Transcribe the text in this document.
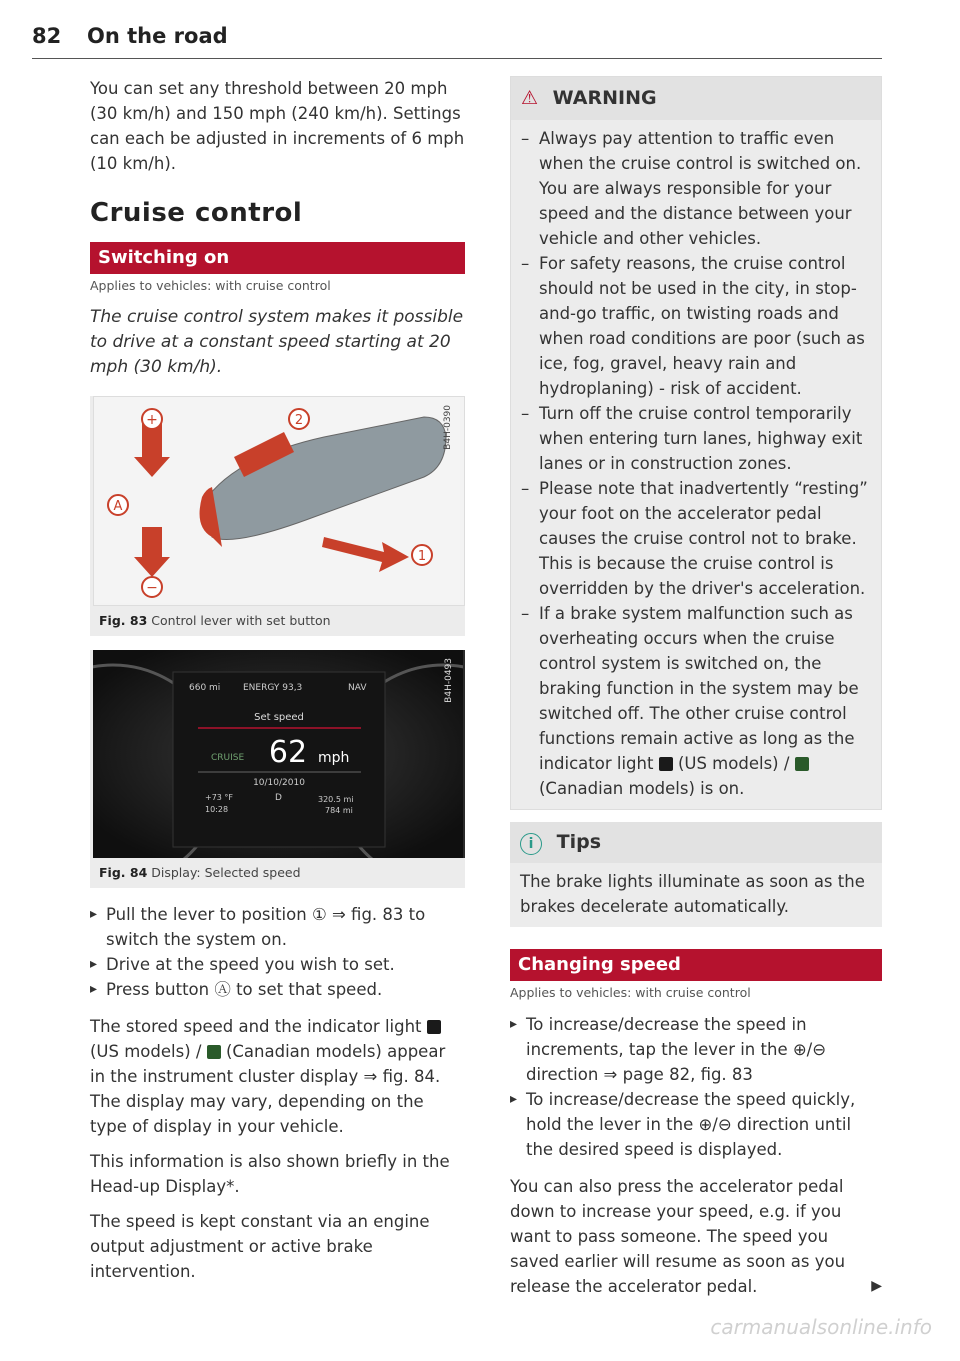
82 On the road

You can set any threshold between 20 mph (30 km/h) and 150 mph (240 km/h). Settings can each be adjusted in increments of 6 mph (10 km/h).

Cruise control
Switching on
Applies to vehicles: with cruise control
The cruise control system makes it possible to drive at a constant speed starting at 20 mph (30 km/h).
+
−
A
2
1
B4H-0390
Fig. 83 Control lever with set button
660 mi	ENERGY 93,3	NAV
Set speed
CRUISE 62 mph
10/10/2010
+73 °F
10:28
D	320.5 mi
784 mi
B4H-0493
Fig. 84 Display: Selected speed
▸ Pull the lever to position ① ⇒ fig. 83 to switch the system on.
▸ Drive at the speed you wish to set.
▸ Press button Ⓐ to set that speed.

The stored speed and the indicator light  (US models) / (Canadian models) appear in the instrument cluster display ⇒ fig. 84. The display may vary, depending on the type of display in your vehicle.

This information is also shown briefly in the Head-up Display*.

The speed is kept constant via an engine output adjustment or active brake intervention.

⚠ WARNING
– Always pay attention to traffic even when the cruise control is switched on. You are always responsible for your speed and the distance between your vehicle and other vehicles.
– For safety reasons, the cruise control should not be used in the city, in stop-and-go traffic, on twisting roads and when road conditions are poor (such as ice, fog, gravel, heavy rain and hydroplaning) - risk of accident.
– Turn off the cruise control temporarily when entering turn lanes, highway exit lanes or in construction zones.
– Please note that inadvertently “resting” your foot on the accelerator pedal causes the cruise control not to brake. This is because the cruise control is overridden by the driver's acceleration.
– If a brake system malfunction such as overheating occurs when the cruise control system is switched on, the braking function in the system may be switched off. The other cruise control functions remain active as long as the indicator light (US models) /  (Canadian models) is on.
i Tips
The brake lights illuminate as soon as the brakes decelerate automatically.
Changing speed
Applies to vehicles: with cruise control
▸ To increase/decrease the speed in increments, tap the lever in the ⊕/⊖ direction ⇒ page 82, fig. 83
▸ To increase/decrease the speed quickly, hold the lever in the ⊕/⊖ direction until the desired speed is displayed.

You can also press the accelerator pedal down to increase your speed, e.g. if you want to pass someone. The speed you saved earlier will resume as soon as you release the accelerator pedal.	▶

carmanualsonline.info
